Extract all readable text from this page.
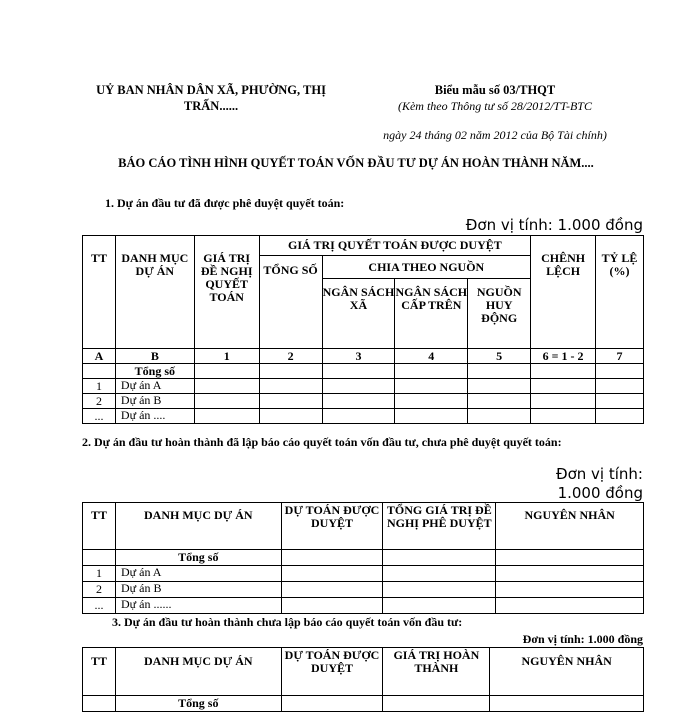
UỶ BAN NHÂN DÂN XÃ, PHƯỜNG, THỊ TRẤN......
Biểu mẫu số 03/THQT
(Kèm theo Thông tư số 28/2012/TT-BTC
ngày 24 tháng 02 năm 2012 của Bộ Tài chính)
BÁO CÁO TÌNH HÌNH QUYẾT TOÁN VỐN ĐẦU TƯ DỰ ÁN HOÀN THÀNH NĂM....
1. Dự án đầu tư đã được phê duyệt quyết toán:
Đơn vị tính: 1.000 đồng
TT	DANH MỤC DỰ ÁN	GIÁ TRỊ ĐỀ NGHỊ QUYẾT TOÁN	GIÁ TRỊ QUYẾT TOÁN ĐƯỢC DUYỆT				CHÊNH LỆCH	TỶ LỆ (%)
			TỔNG SỐ	CHIA THEO NGUỒN				
				NGÂN SÁCH XÃ	NGÂN SÁCH CẤP TRÊN	NGUỒN HUY ĐỘNG		
A	B	1	2	3	4	5	6 = 1 - 2	7
	Tổng số							
1	Dự án A							
2	Dự án B							
...	Dự án ....							
2. Dự án đầu tư hoàn thành đã lập báo cáo quyết toán vốn đầu tư, chưa phê duyệt quyết toán:
Đơn vị tính:
1.000 đồng
TT	DANH MỤC DỰ ÁN	DỰ TOÁN ĐƯỢC DUYỆT	TỔNG GIÁ TRỊ ĐỀ NGHỊ PHÊ DUYỆT	NGUYÊN NHÂN
	Tổng số			
1	Dự án A			
2	Dự án B			
...	Dự án ......			
3. Dự án đầu tư hoàn thành chưa lập báo cáo quyết toán vốn đầu tư:
Đơn vị tính: 1.000 đồng
TT	DANH MỤC DỰ ÁN	DỰ TOÁN ĐƯỢC DUYỆT	GIÁ TRỊ HOÀN THÀNH	NGUYÊN NHÂN
	Tổng số			
